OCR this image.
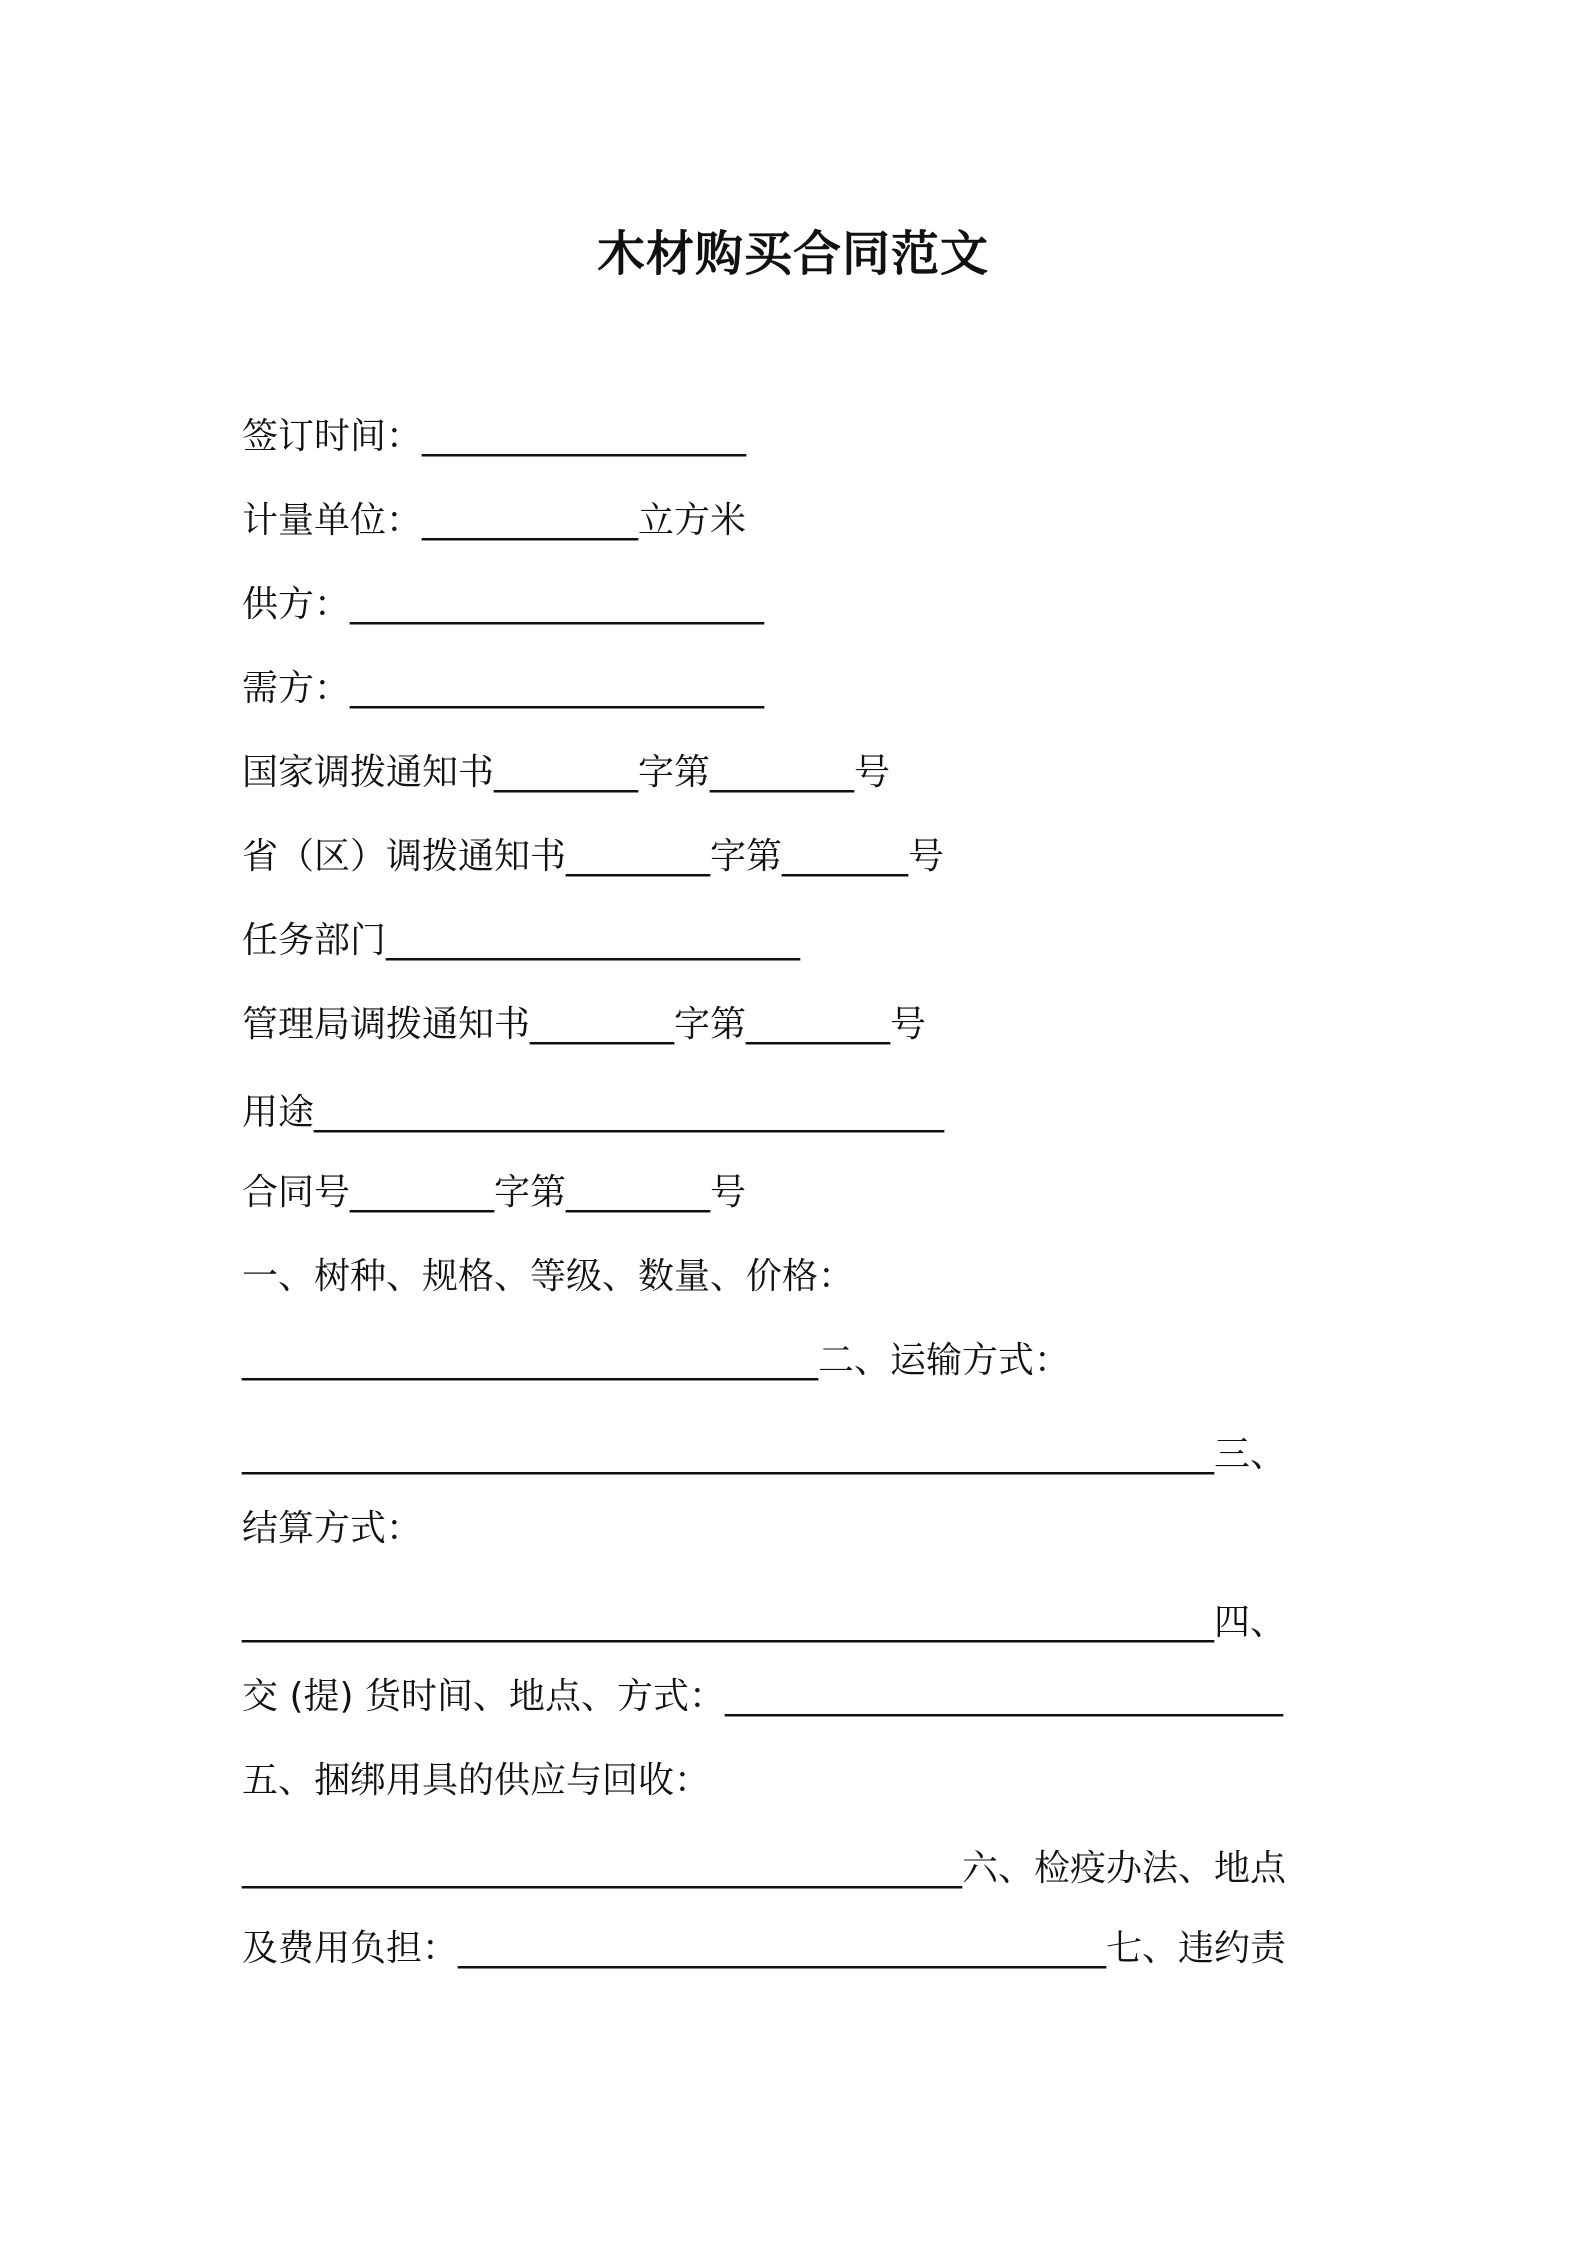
木材购买合同范文
签订时间：__________________
计量单位：____________立方米
供方：_______________________
需方：_______________________
国家调拨通知书________字第________号
省（区）调拨通知书________字第_______号
任务部门_______________________
管理局调拨通知书________字第________号
用途___________________________________
合同号________字第________号
一、树种、规格、等级、数量、价格：
________________________________二、运输方式：
______________________________________________________三、
结算方式：
______________________________________________________四、
交 (提) 货时间、地点、方式：_______________________________
五、捆绑用具的供应与回收：
________________________________________六、检疫办法、地点
及费用负担：____________________________________七、违约责
